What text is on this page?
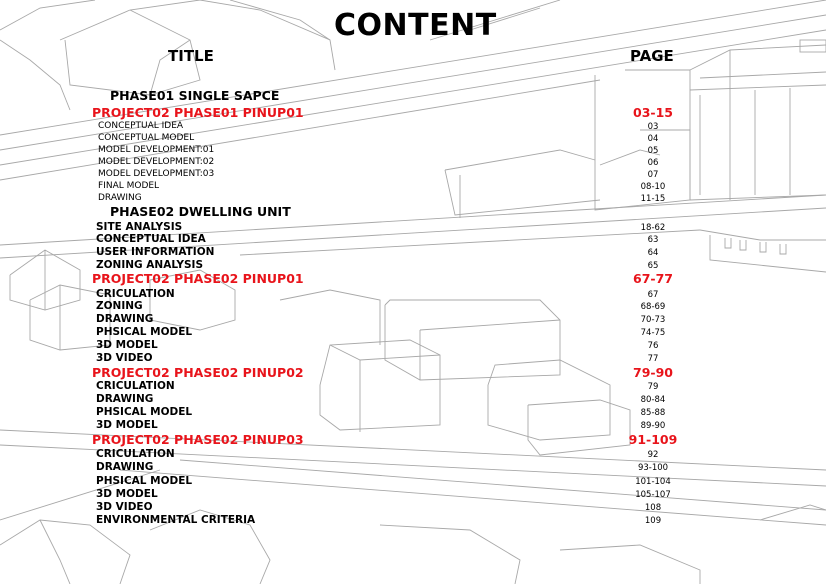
CONTENT
TITLE	PAGE
PHASE01 SINGLE SAPCE
PROJECT02 PHASE01 PINUP01	03-15
CONCEPTUAL IDEA	03
CONCEPTUAL MODEL	04
MODEL DEVELOPMENT:01	05
MODEL DEVELOPMENT:02	06
MODEL DEVELOPMENT:03	07
FINAL MODEL	08-10
DRAWING	11-15
PHASE02 DWELLING UNIT
SITE ANALYSIS	18-62
CONCEPTUAL IDEA	63
USER INFORMATION	64
ZONING ANALYSIS	65
PROJECT02 PHASE02 PINUP01	67-77
CRICULATION	67
ZONING	68-69
DRAWING	70-73
PHSICAL MODEL	74-75
3D MODEL	76
3D VIDEO	77
PROJECT02 PHASE02 PINUP02	79-90
CRICULATION	79
DRAWING	80-84
PHSICAL MODEL	85-88
3D MODEL	89-90
PROJECT02 PHASE02 PINUP03	91-109
CRICULATION	92
DRAWING	93-100
PHSICAL MODEL	101-104
3D MODEL	105-107
3D VIDEO	108
ENVIRONMENTAL CRITERIA	109
